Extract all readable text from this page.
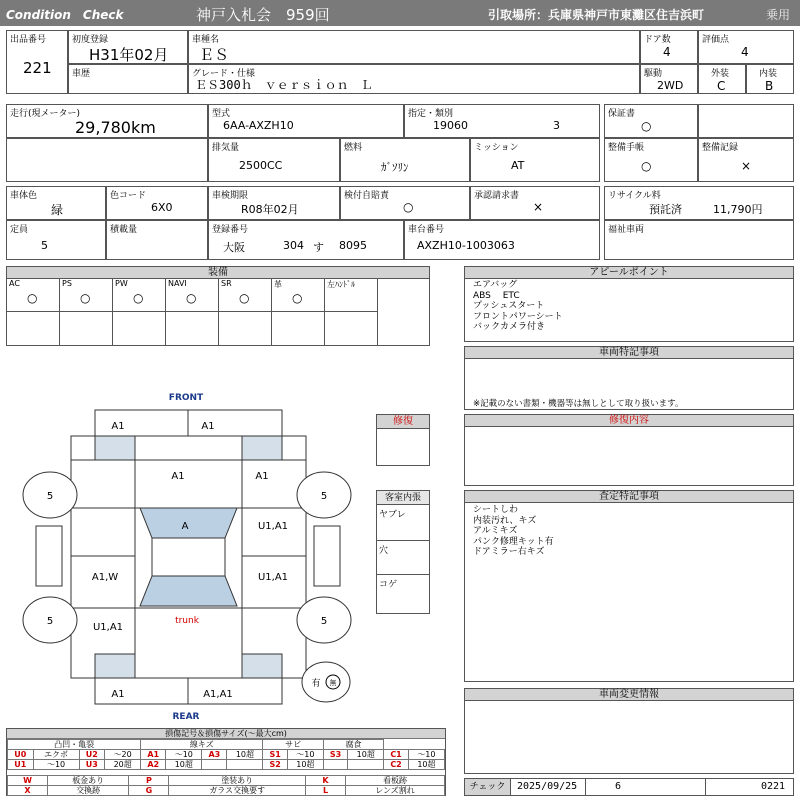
Condition　Check	神戸入札会　959回	引取場所：兵庫県神戸市東灘区住吉浜町	乗用
出品番号
221
初度登録
H31年02月
車歴
車種名
ＥＳ
グレード・仕様
ＥＳ300ｈ　ｖｅｒｓｉｏｎ　Ｌ
ドア数
4
評価点
4
駆動
2WD
外装
C
内装
B
走行(現メーター)
29,780km
型式
6AA-AXZH10
指定・類別
19060	3
排気量
2500CC
燃料
ｶﾞｿﾘﾝ
ミッション
AT
保証書
○
整備手帳
○
整備記録
×
車体色
緑
色コード
6X0
定員
5
積載量
車検期限
R08年02月
検付自賠責
○
承認請求書
×
登録番号
大阪	304 す 8095
車台番号
AXZH10-1003063
リサイクル料
預託済	11,790円
福祉車両
装備
AC
○
PS
○
PW
○
NAVI
○
SR
○
革
○
左ﾊﾝﾄﾞﾙ
アピールポイント
エアバッグ
ABS　 ETC
プッシュスタート
フロントパワーシート
バックカメラ付き
車両特記事項
※記載のない書類・機器等は無しとして取り扱います。
修復内容
査定特記事項
シートしわ
内装汚れ、キズ
アルミキズ
パンク修理キット有
ドアミラー右キズ
車両変更情報
チェック	2025/09/25	6	0221
FRONT
REAR
5	5
5	5
有 無
A1	A1
A1	A1
A	U1,A1
A1,W	U1,A1
U1,A1
trunk
A1	A1,A1
修復
客室内張
ヤブレ
穴
コゲ
損傷記号＆損傷サイズ(～最大cm)
凸凹・亀裂				線キズ				サビ		腐食			
U0	エクボ	U2	～20	A1	～10	A3	10超	S1	～10	S3	10超	C1	～10
U1	～10	U3	20超	A2	10超			S2	10超			C2	10超
W	板金あり	P	塗装あり	K	看板跡
X	交換跡	G	ガラス交換要す	L	レンズ割れ
